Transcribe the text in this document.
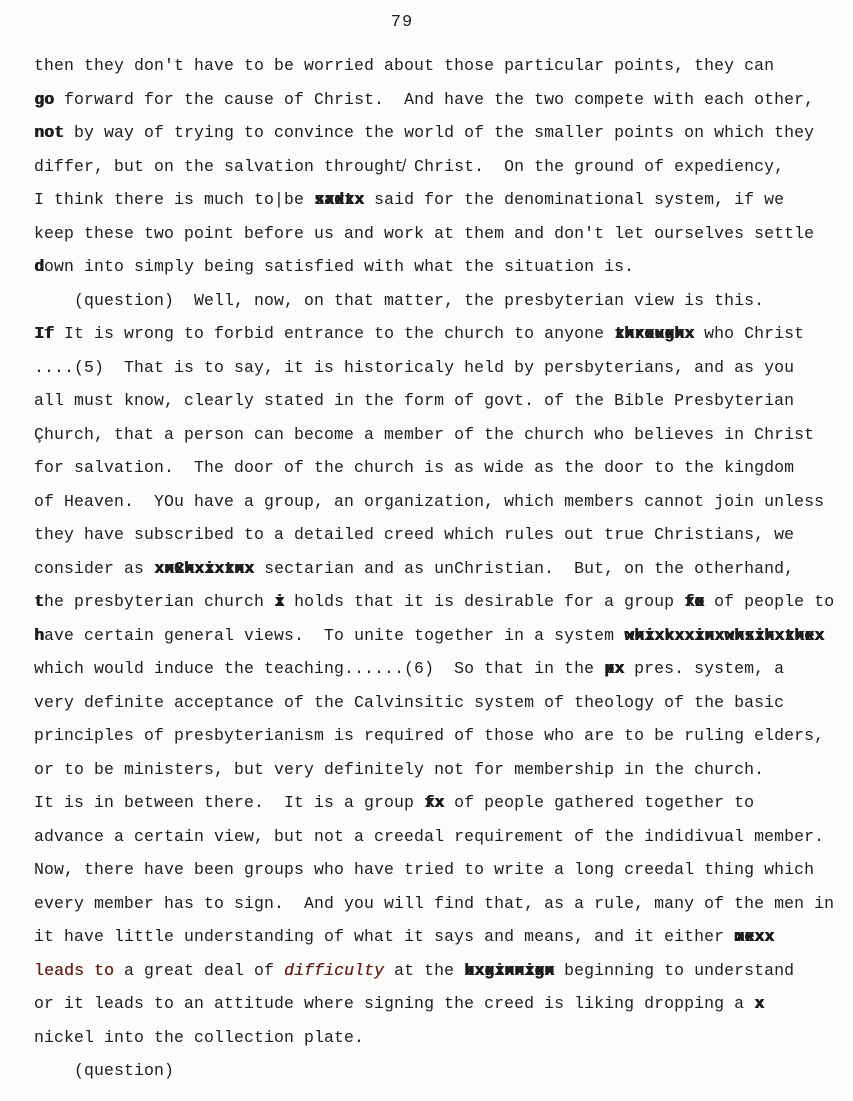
79
then they don't have to be worried about those particular points, they can
go forward for the cause of Christ.  And have the two compete with each other,
not by way of trying to convince the world of the smaller points on which they
differ, but on the salvation throught̸ Christ.  On the ground of expediency,
I think there is much to|be sadtx xxxxx said for the denominational system, if we
keep these two point before us and work at them and don't let ourselves settle
d own into simply being satisfied with what the situation is.
(question)  Well, now, on that matter, the presbyterian view is this.
If It is wrong to forbid entrance to the church to anyone throughx xxxxxxxx who Christ
....(5)  That is to say, it is historicaly held by persbyterians, and as you
all must know, clearly stated in the form of govt. of the Bible Presbyterian
Çhurch, that a person can become a member of the church who believes in Christ
for salvation.  The door of the church is as wide as the door to the kingdom
of Heaven.  YOu have a group, an organization, which members cannot join unless
they have subscribed to a detailed creed which rules out true Christians, we
consider as xnChxixtnx xxxxxxxxxx sectarian and as unChristian.  But, on the otherhand,
t he presbyterian church i x holds that it is desirable for a group fo xx of people to
h ave certain general views.  To unite together in a system whixkxxinxwhsihxthex xxxxxxxxxxxxxxxxxxxx
which would induce the teaching......(6)  So that in the px xx pres. system, a
very definite acceptance of the Calvinsitic system of theology of the basic
principles of presbyterianism is required of those who are to be ruling elders,
or to be ministers, but very definitely not for membership in the church.
It is in between there.  It is a group fx xx of people gathered together to
advance a certain view, but not a creedal requirement of the indidivual member.
Now, there have been groups who have tried to write a long creedal thing which
every member has to sign.  And you will find that, as a rule, many of the men in
it have little understanding of what it says and means, and it either mexx xxxx
leads to a great deal of difficulty at the bxginnign xxxxxxxxx beginning to understand
or it leads to an attitude where signing the creed is liking dropping a x x
nickel into the collection plate.
(question)
